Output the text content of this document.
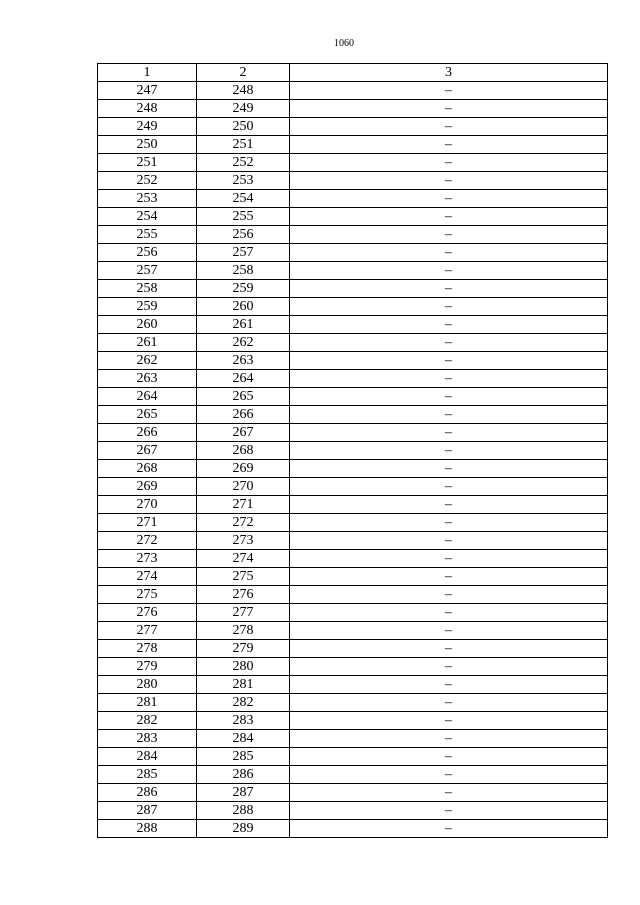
1060
1	2	3
247	248	–
248	249	–
249	250	–
250	251	–
251	252	–
252	253	–
253	254	–
254	255	–
255	256	–
256	257	–
257	258	–
258	259	–
259	260	–
260	261	–
261	262	–
262	263	–
263	264	–
264	265	–
265	266	–
266	267	–
267	268	–
268	269	–
269	270	–
270	271	–
271	272	–
272	273	–
273	274	–
274	275	–
275	276	–
276	277	–
277	278	–
278	279	–
279	280	–
280	281	–
281	282	–
282	283	–
283	284	–
284	285	–
285	286	–
286	287	–
287	288	–
288	289	–
